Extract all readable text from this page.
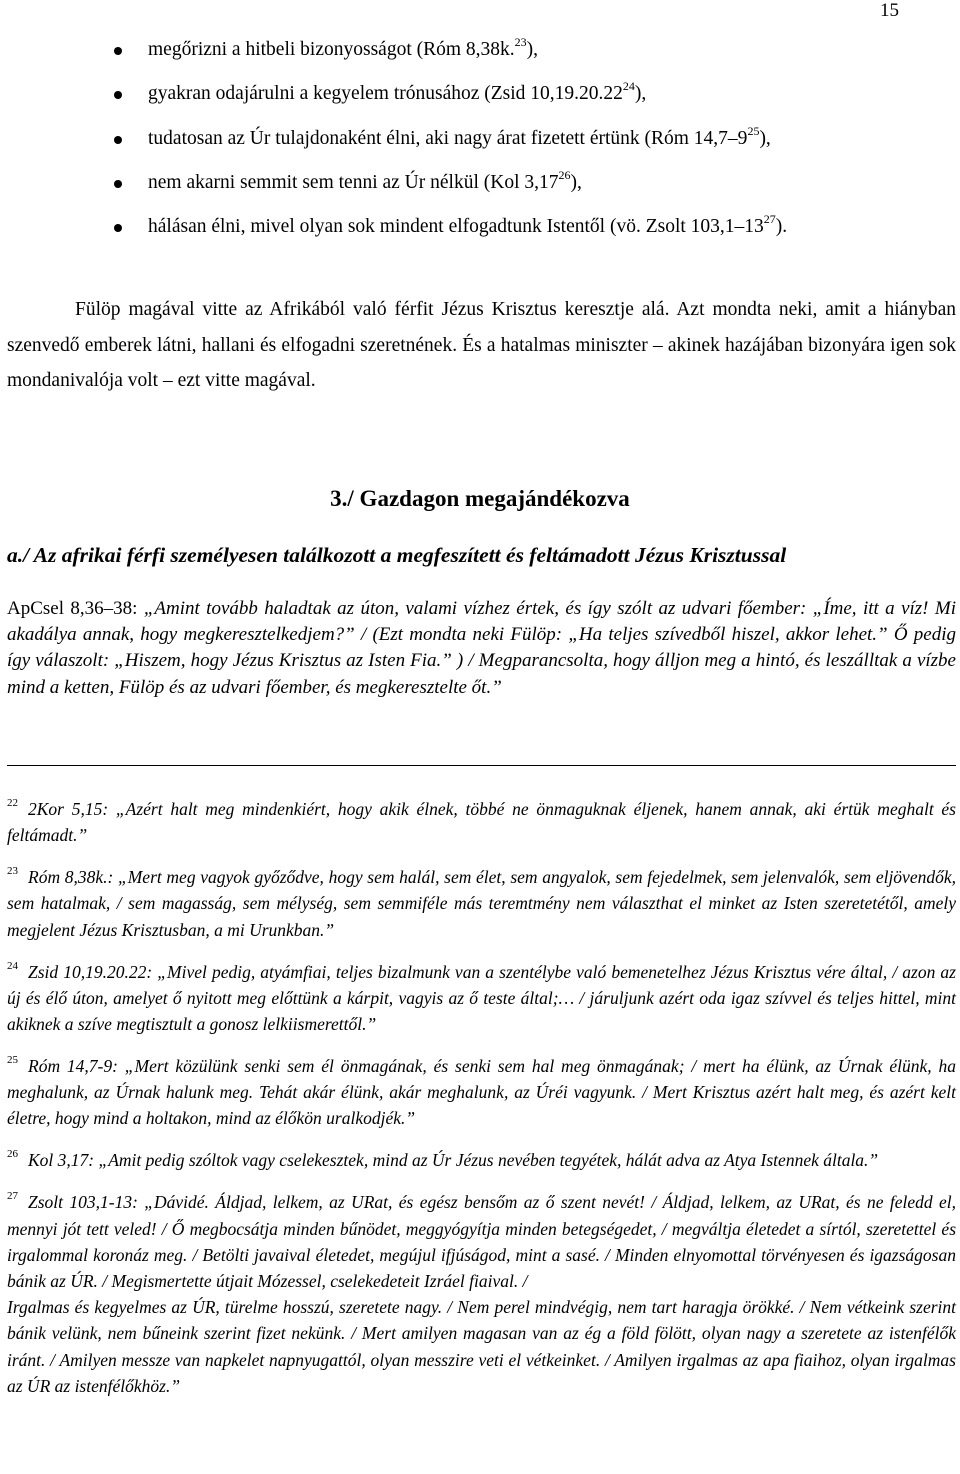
15
megőrizni a hitbeli bizonyosságot (Róm 8,38k.$^{23}$),
gyakran odajárulni a kegyelem trónusához (Zsid 10,19.20.22$^{24}$),
tudatosan az Úr tulajdonaként élni, aki nagy árat fizetett értünk (Róm $14,7-9^{25}$),
nem akarni semmit sem tenni az Úr nélkül (Kol 3,17$^{26}$),
hálásan élni, mivel olyan sok mindent elfogadtunk Istentől (vö. Zsolt $103,1-13^{27}$).

Fülöp magával vitte az Afrikából való férfit Jézus Krisztus keresztje alá. Azt mondta neki, amit a hiányban szenvedő emberek látni, hallani és elfogadni szeretnének. És a hatalmas miniszter – akinek hazájában bizonyára igen sok mondanivalója volt – ezt vitte magával.

3./ Gazdagon megajándékozva
a./ Az afrikai férfi személyesen találkozott a megfeszített és feltámadott Jézus Krisztussal

ApCsel 8,36–38: „Amint tovább haladtak az úton, valami vízhez értek, és így szólt az udvari főember: „Íme, itt a víz! Mi akadálya annak, hogy megkeresztelkedjem?” / (Ezt mondta neki Fülöp: „Ha teljes szívedből hiszel, akkor lehet.” Ő pedig így válaszolt: „Hiszem, hogy Jézus Krisztus az Isten Fia.” ) / Megparancsolta, hogy álljon meg a hintó, és leszálltak a vízbe mind a ketten, Fülöp és az udvari főember, és megkeresztelte őt.”

$^{22}$ 2Kor 5,15: „Azért halt meg mindenkiért, hogy akik élnek, többé ne önmaguknak éljenek, hanem annak, aki értük meghalt és feltámadt.”

$^{23}$ Róm 8,38k.: „Mert meg vagyok győződve, hogy sem halál, sem élet, sem angyalok, sem fejedelmek, sem jelenvalók, sem eljövendők, sem hatalmak, / sem magasság, sem mélység, sem semmiféle más teremtmény nem választhat el minket az Isten szeretetétől, amely megjelent Jézus Krisztusban, a mi Urunkban.”

$^{24}$ Zsid 10,19.20.22: „Mivel pedig, atyámfiai, teljes bizalmunk van a szentélybe való bemenetelhez Jézus Krisztus vére által, / azon az új és élő úton, amelyet ő nyitott meg előttünk a kárpit, vagyis az ő teste által;… / járuljunk azért oda igaz szívvel és teljes hittel, mint akiknek a szíve megtisztult a gonosz lelkiismerettől.”

$^{25}$ Róm 14,7-9: „Mert közülünk senki sem él önmagának, és senki sem hal meg önmagának; / mert ha élünk, az Úrnak élünk, ha meghalunk, az Úrnak halunk meg. Tehát akár élünk, akár meghalunk, az Úréi vagyunk. / Mert Krisztus azért halt meg, és azért kelt életre, hogy mind a holtakon, mind az élőkön uralkodjék.”

$^{26}$ Kol 3,17: „Amit pedig szóltok vagy cselekesztek, mind az Úr Jézus nevében tegyétek, hálát adva az Atya Istennek általa.”

$^{27}$ Zsolt 103,1-13: „Dávidé. Áldjad, lelkem, az URat, és egész bensőm az ő szent nevét! / Áldjad, lelkem, az URat, és ne feledd el, mennyi jót tett veled! / Ő megbocsátja minden bűnödet, meggyógyítja minden betegségedet, / megváltja életedet a sírtól, szeretettel és irgalommal koronáz meg. / Betölti javaival életedet, megújul ifjúságod, mint a sasé. / Minden elnyomottal törvényesen és igazságosan bánik az ÚR. / Megismertette útjait Mózessel, cselekedeteit Izráel fiaival. /
Irgalmas és kegyelmes az ÚR, türelme hosszú, szeretete nagy. / Nem perel mindvégig, nem tart haragja örökké. / Nem vétkeink szerint bánik velünk, nem bűneink szerint fizet nekünk. / Mert amilyen magasan van az ég a föld fölött, olyan nagy a szeretete az istenfélők iránt. / Amilyen messze van napkelet napnyugattól, olyan messzire veti el vétkeinket. / Amilyen irgalmas az apa fiaihoz, olyan irgalmas az ÚR az istenfélőkhöz.”
